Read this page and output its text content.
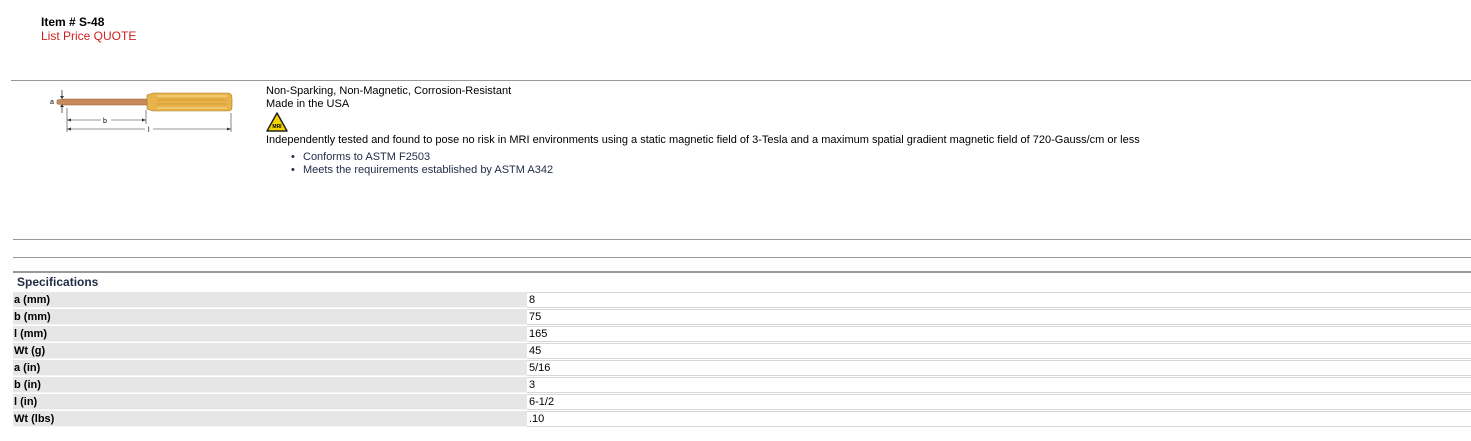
Item # S-48
List Price QUOTE
a
b
l
Non-Sparking, Non-Magnetic, Corrosion-Resistant
Made in the USA
MRI
Independently tested and found to pose no risk in MRI environments using a static magnetic field of 3-Tesla and a maximum spatial gradient magnetic field of 720-Gauss/cm or less
• Conforms to ASTM F2503
• Meets the requirements established by ASTM A342
Specifications
a (mm)	8
b (mm)	75
l (mm)	165
Wt (g)	45
a (in)	5/16
b (in)	3
l (in)	6-1/2
Wt (lbs)	.10
